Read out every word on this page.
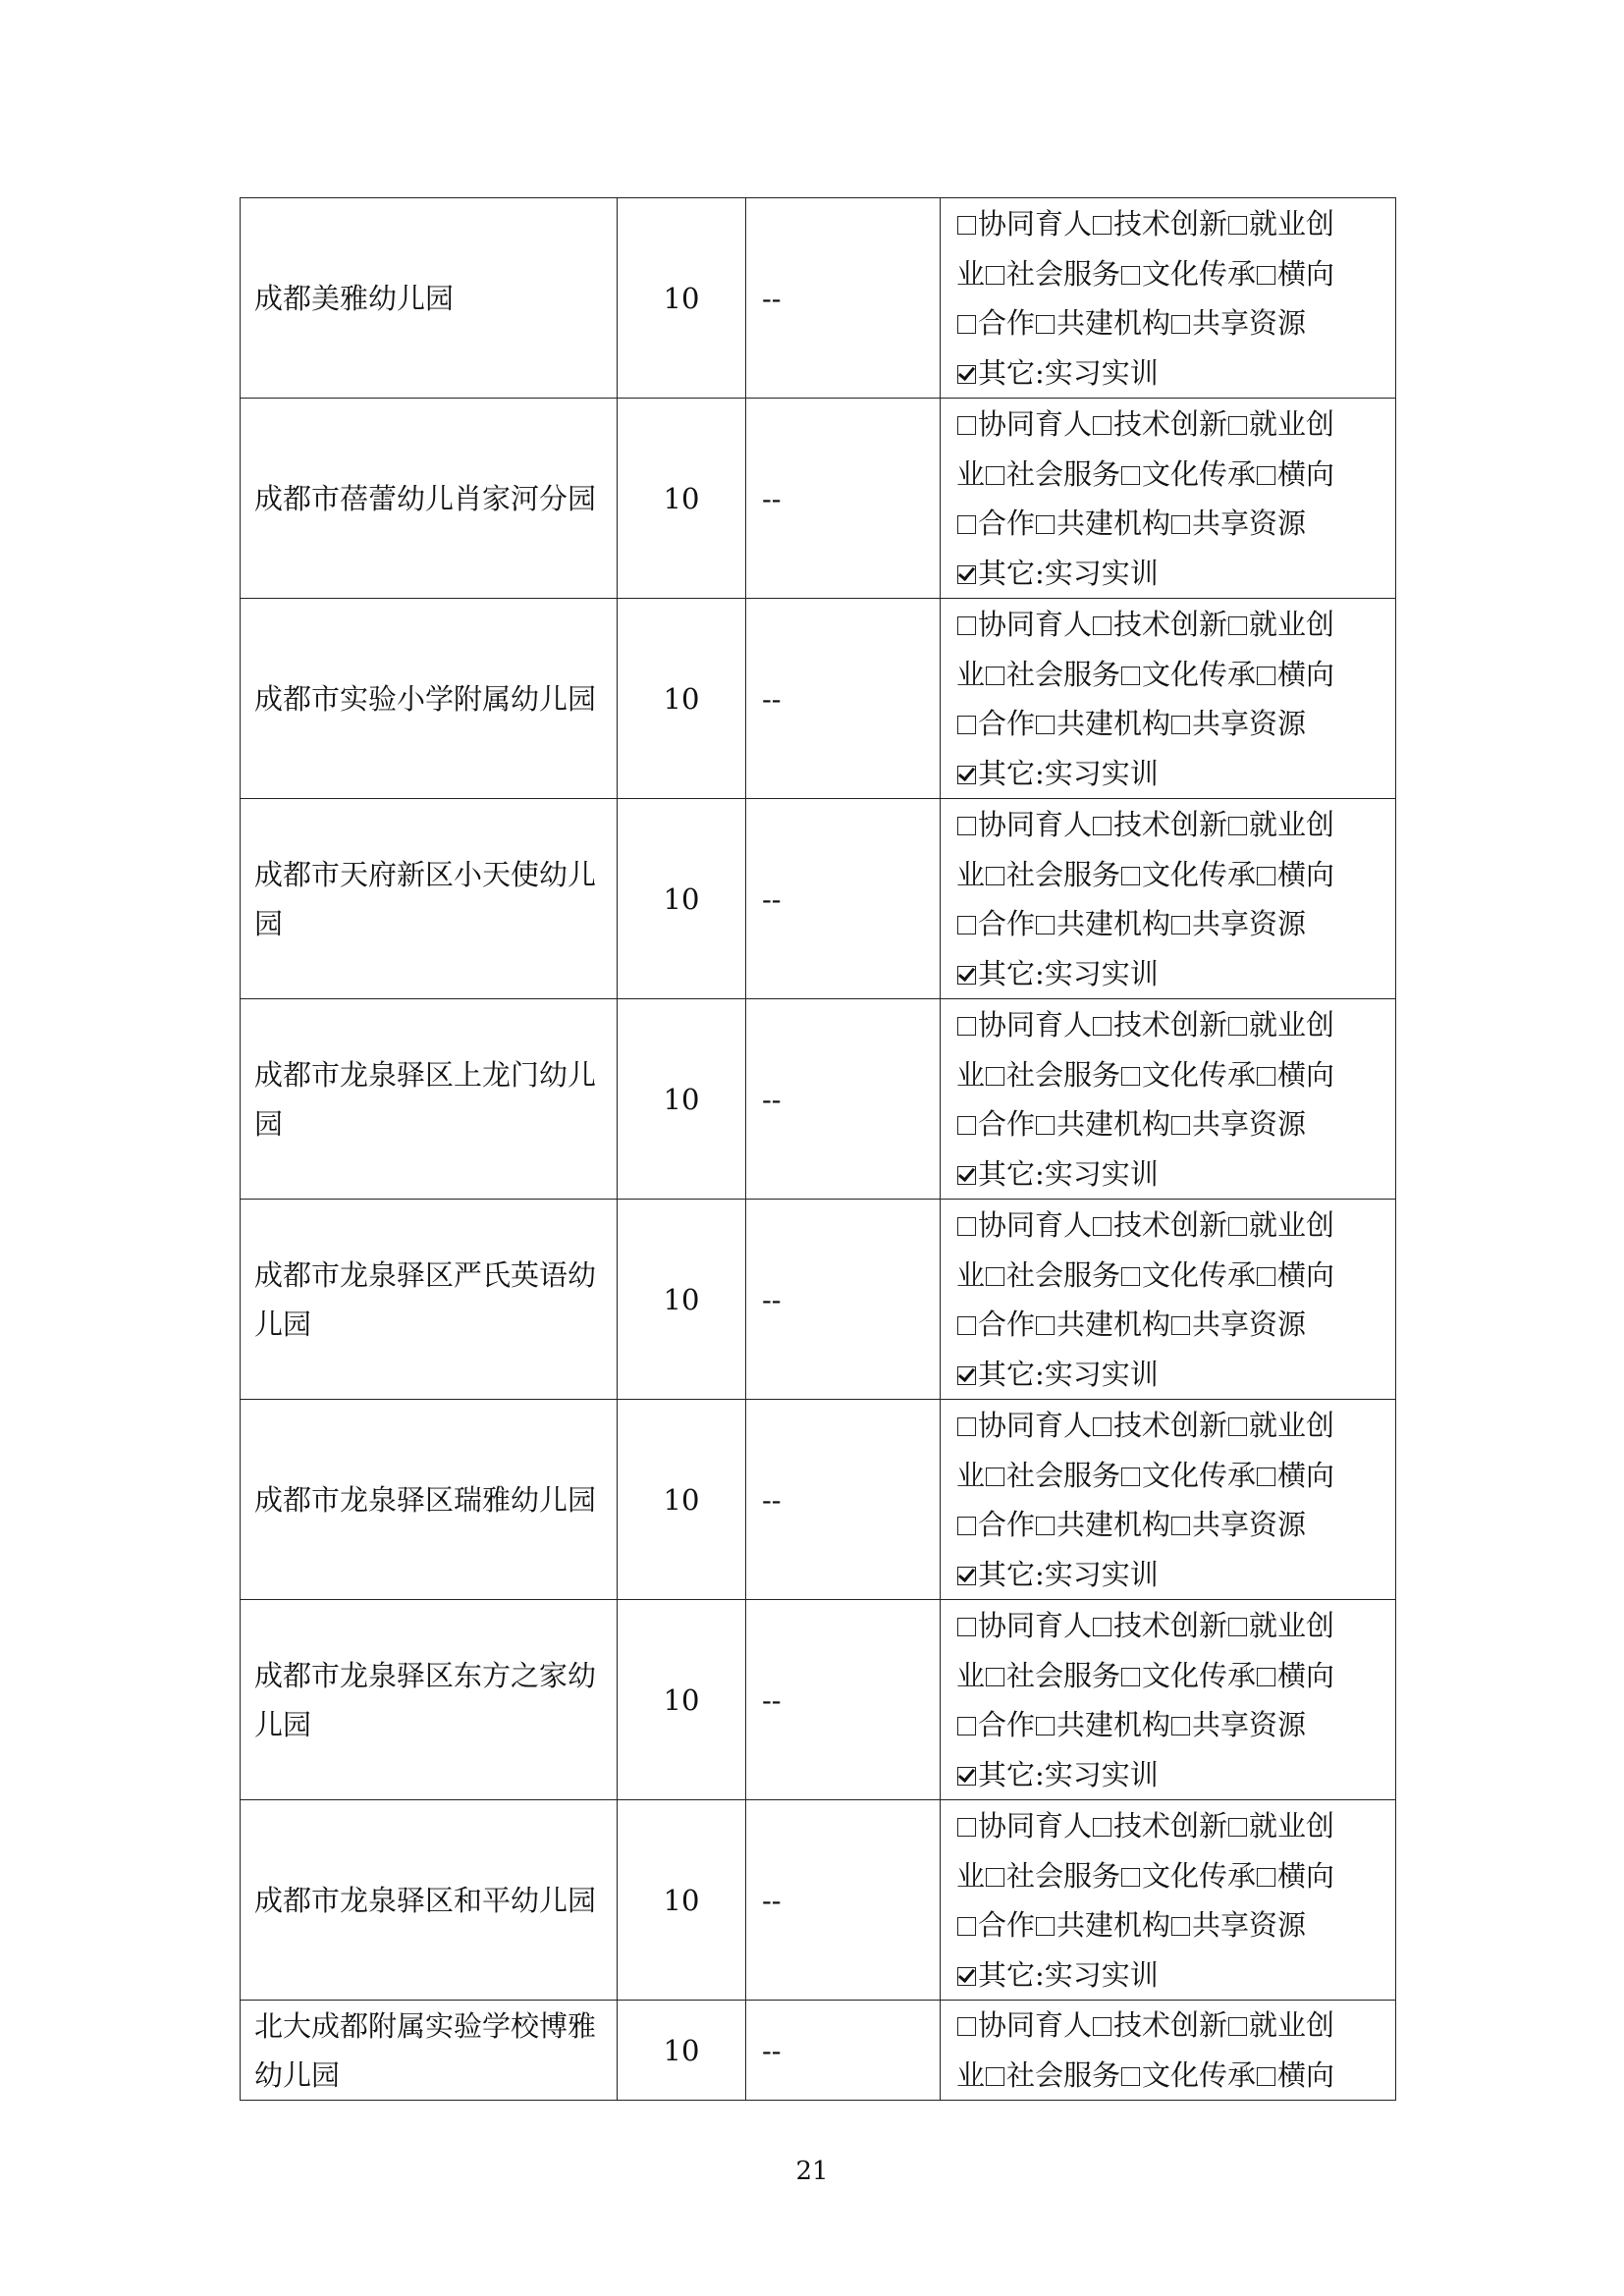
成都美雅幼儿园	10	--	协同育人 技术创新 就业创
业 社会服务 文化传承 横向
合作 共建机构 共享资源
其它:实习实训

成都市蓓蕾幼儿肖家河分园	10	--	协同育人 技术创新 就业创
业 社会服务 文化传承 横向
合作 共建机构 共享资源
其它:实习实训

成都市实验小学附属幼儿园	10	--	协同育人 技术创新 就业创
业 社会服务 文化传承 横向
合作 共建机构 共享资源
其它:实习实训

成都市天府新区小天使幼儿园	10	--	协同育人 技术创新 就业创
业 社会服务 文化传承 横向
合作 共建机构 共享资源
其它:实习实训

成都市龙泉驿区上龙门幼儿园	10	--	协同育人 技术创新 就业创
业 社会服务 文化传承 横向
合作 共建机构 共享资源
其它:实习实训

成都市龙泉驿区严氏英语幼儿园	10	--	协同育人 技术创新 就业创
业 社会服务 文化传承 横向
合作 共建机构 共享资源
其它:实习实训

成都市龙泉驿区瑞雅幼儿园	10	--	协同育人 技术创新 就业创
业 社会服务 文化传承 横向
合作 共建机构 共享资源
其它:实习实训

成都市龙泉驿区东方之家幼儿园	10	--	协同育人 技术创新 就业创
业 社会服务 文化传承 横向
合作 共建机构 共享资源
其它:实习实训

成都市龙泉驿区和平幼儿园	10	--	协同育人 技术创新 就业创
业 社会服务 文化传承 横向
合作 共建机构 共享资源
其它:实习实训

北大成都附属实验学校博雅幼儿园	10	--	协同育人 技术创新 就业创
业 社会服务 文化传承 横向
21
